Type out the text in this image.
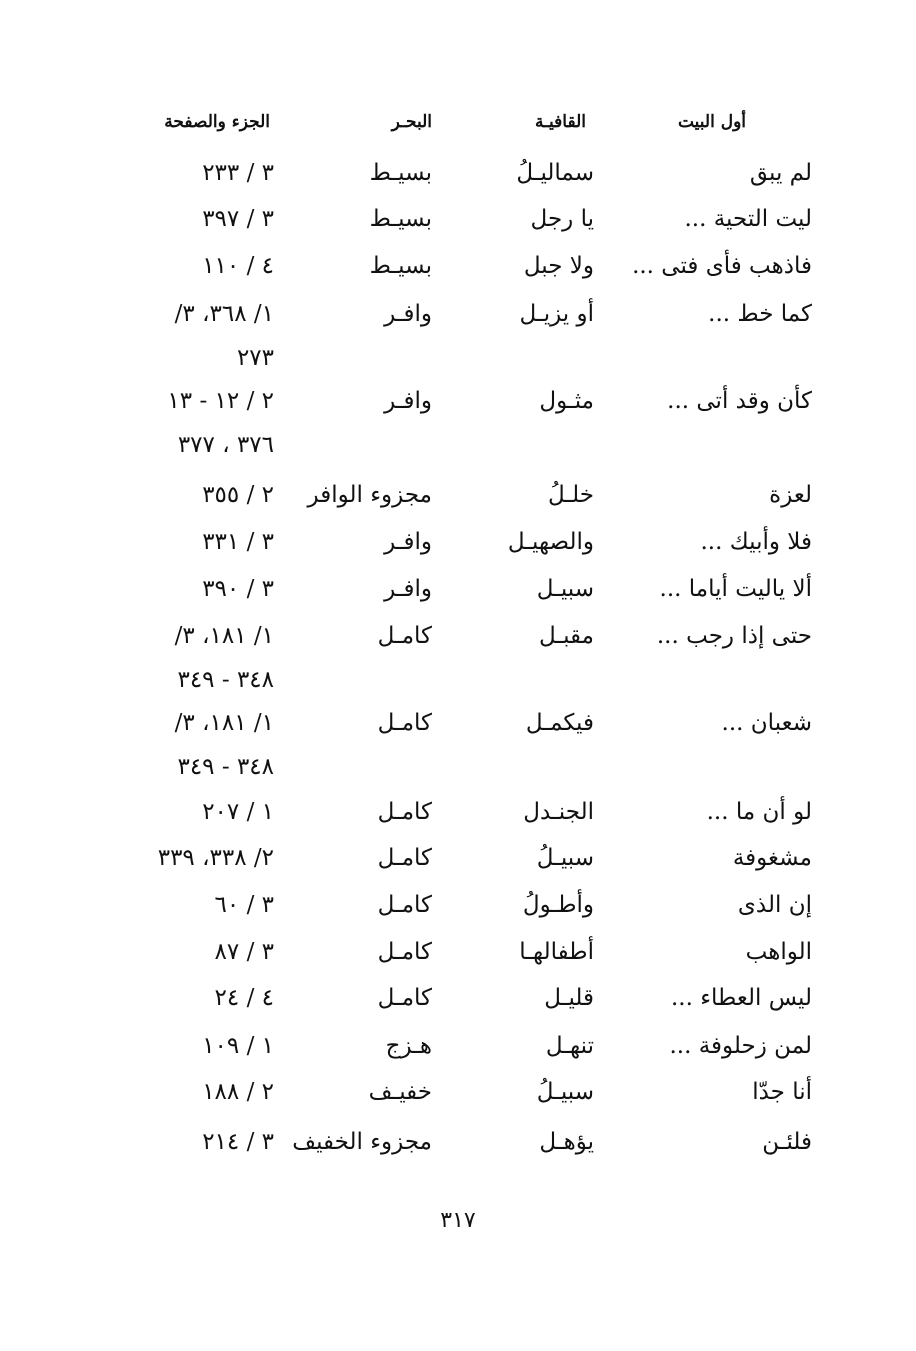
أول البيت
القافيـة
البحـر
الجزء والصفحة
لم يبق
سماليـلُ
بسيـط
٣ / ٢٣٣
ليت التحية ...
يا رجل
بسيـط
٣ / ٣٩٧
فاذهب فأى فتى ...
ولا جبل
بسيـط
٤ / ١١٠
كما خط ...
أو يزيـل
وافـر
١/ ٣٦٨، ٣/
٢٧٣
كأن وقد أتى ...
مثـول
وافـر
٢ / ١٢ - ١٣
٣٧٦ ، ٣٧٧
لعزة
خلـلُ
مجزوء الوافر
٢ / ٣٥٥
فلا وأبيك ...
والصهيـل
وافـر
٣ / ٣٣١
ألا ياليت أياما ...
سبيـل
وافـر
٣ / ٣٩٠
حتى إذا رجب ...
مقبـل
كامـل
١/ ١٨١، ٣/
٣٤٨ - ٣٤٩
شعبان ...
فيكمـل
كامـل
١/ ١٨١، ٣/
٣٤٨ - ٣٤٩
لو أن ما ...
الجنـدل
كامـل
١ / ٢٠٧
مشغوفة
سبيـلُ
كامـل
٢/ ٣٣٨، ٣٣٩
إن الذى
وأطـولُ
كامـل
٣ / ٦٠
الواهب
أطفالهـا
كامـل
٣ / ٨٧
ليس العطاء ...
قليـل
كامـل
٤ / ٢٤
لمن زحلوفة ...
تنهـل
هـزج
١ / ١٠٩
أنا جدّا
سبيـلُ
خفيـف
٢ / ١٨٨
فلئـن
يؤهـل
مجزوء الخفيف
٣ / ٢١٤
٣١٧
